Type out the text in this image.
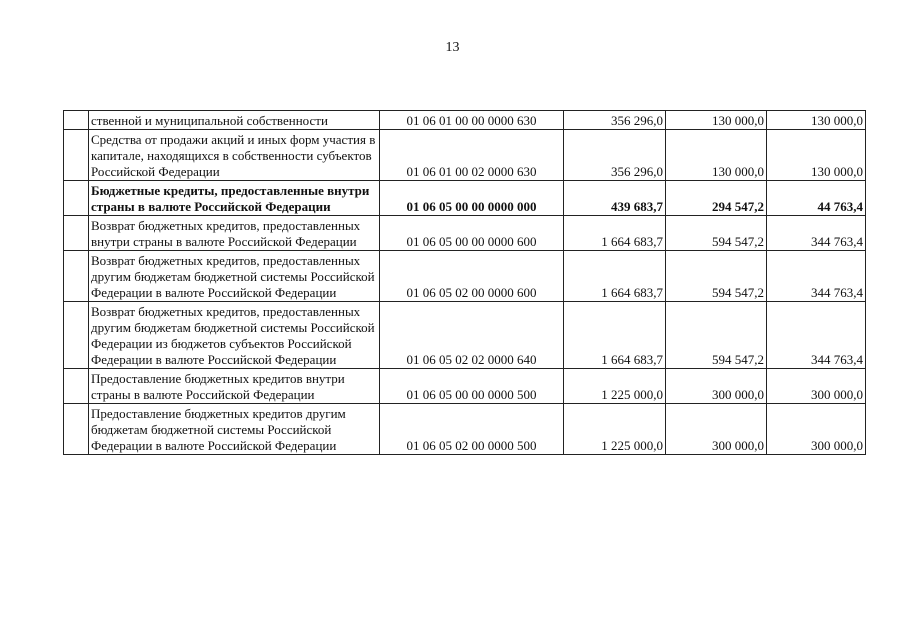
13
	ственной и муниципальной собственности	01 06 01 00 00 0000 630	356 296,0	130 000,0	130 000,0
	Средства от продажи акций и иных форм участия в капитале, находящихся в собственности субъектов Российской Федерации	01 06 01 00 02 0000 630	356 296,0	130 000,0	130 000,0
	Бюджетные кредиты, предоставленные внутри страны в валюте Российской Федерации	01 06 05 00 00 0000 000	439 683,7	294 547,2	44 763,4
	Возврат бюджетных кредитов, предоставленных внутри страны в валюте Российской Федерации	01 06 05 00 00 0000 600	1 664 683,7	594 547,2	344 763,4
	Возврат бюджетных кредитов, предоставленных другим бюджетам бюджетной системы Российской Федерации в валюте Российской Федерации	01 06 05 02 00 0000 600	1 664 683,7	594 547,2	344 763,4
	Возврат бюджетных кредитов, предоставленных другим бюджетам бюджетной системы Российской Федерации из бюджетов субъектов Российской Федерации в валюте Российской Федерации	01 06 05 02 02 0000 640	1 664 683,7	594 547,2	344 763,4
	Предоставление бюджетных кредитов внутри страны в валюте Российской Федерации	01 06 05 00 00 0000 500	1 225 000,0	300 000,0	300 000,0
	Предоставление бюджетных кредитов другим бюджетам бюджетной системы Российской Федерации в валюте Российской Федерации	01 06 05 02 00 0000 500	1 225 000,0	300 000,0	300 000,0
